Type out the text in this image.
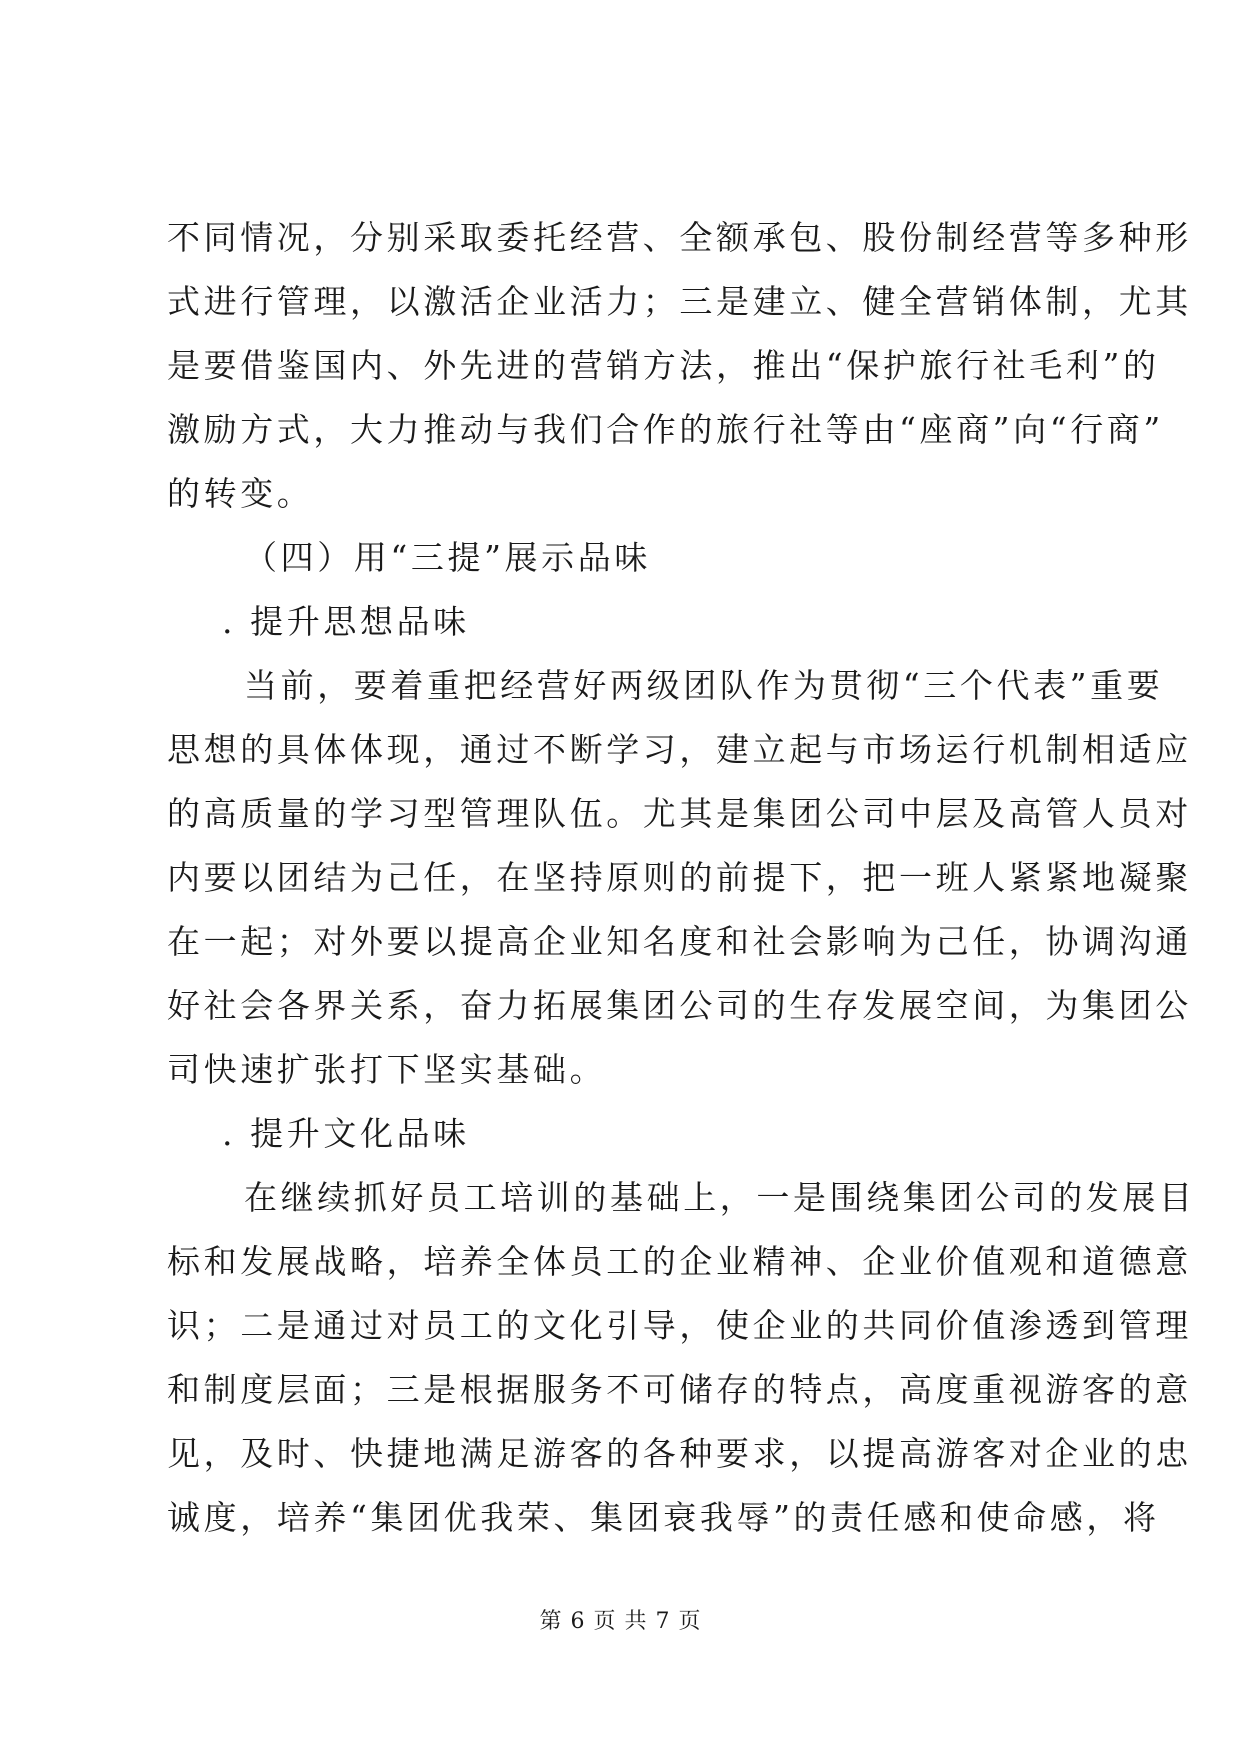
不同情况，分别采取委托经营、全额承包、股份制经营等多种形
式进行管理，以激活企业活力；三是建立、健全营销体制，尤其
是要借鉴国内、外先进的营销方法，推出“保护旅行社毛利”的
激励方式，大力推动与我们合作的旅行社等由“座商”向“行商”
的转变。
（四）用“三提”展示品味
. 提升思想品味
当前，要着重把经营好两级团队作为贯彻“三个代表”重要
思想的具体体现，通过不断学习，建立起与市场运行机制相适应
的高质量的学习型管理队伍。尤其是集团公司中层及高管人员对
内要以团结为己任，在坚持原则的前提下，把一班人紧紧地凝聚
在一起；对外要以提高企业知名度和社会影响为己任，协调沟通
好社会各界关系，奋力拓展集团公司的生存发展空间，为集团公
司快速扩张打下坚实基础。
. 提升文化品味
在继续抓好员工培训的基础上，一是围绕集团公司的发展目
标和发展战略，培养全体员工的企业精神、企业价值观和道德意
识；二是通过对员工的文化引导，使企业的共同价值渗透到管理
和制度层面；三是根据服务不可储存的特点，高度重视游客的意
见，及时、快捷地满足游客的各种要求，以提高游客对企业的忠
诚度，培养“集团优我荣、集团衰我辱”的责任感和使命感，将
第 6 页 共 7 页
